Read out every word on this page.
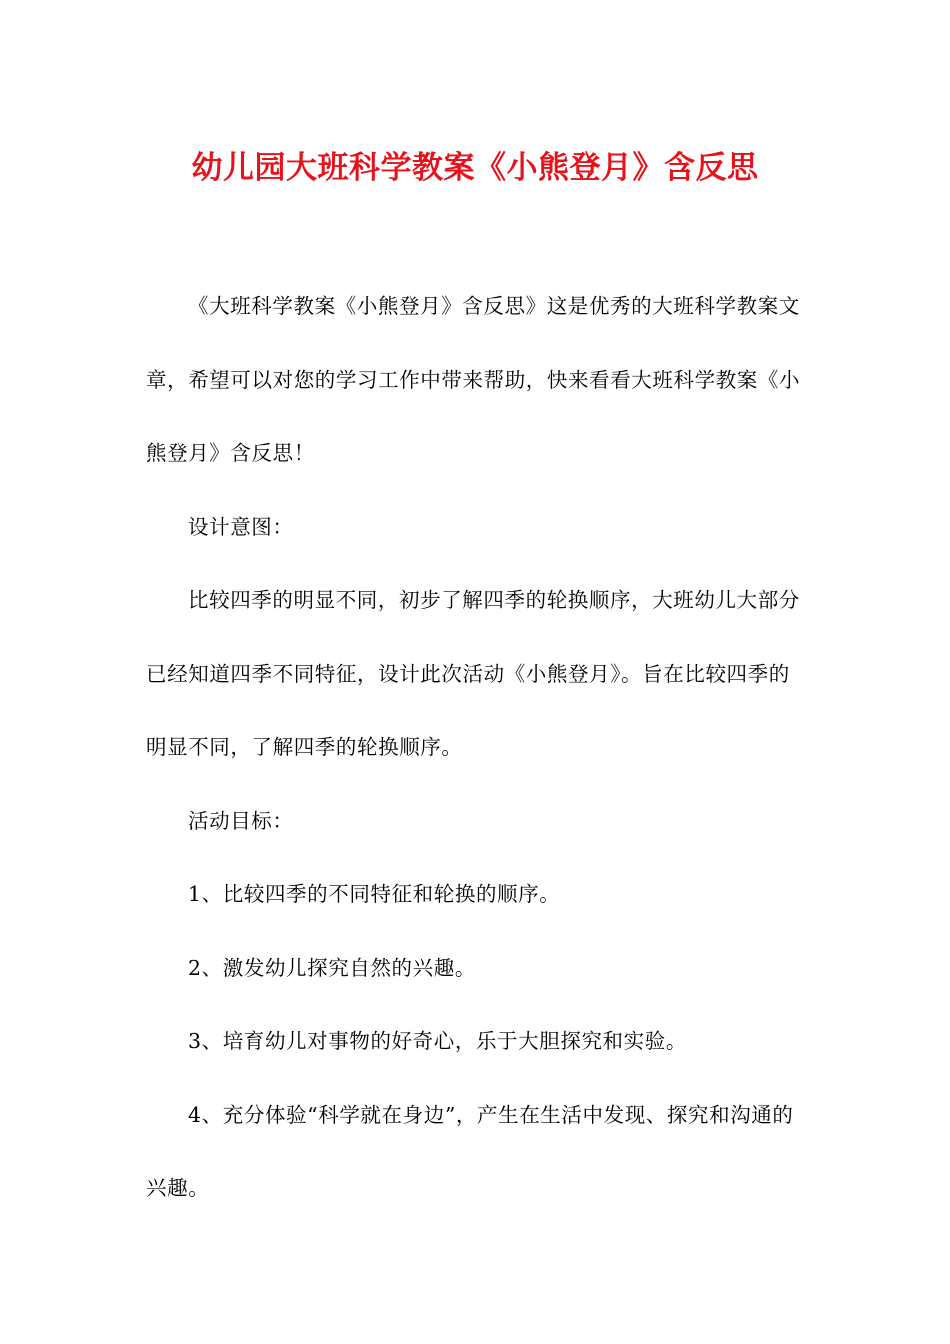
幼儿园大班科学教案《小熊登月》含反思

《大班科学教案《小熊登月》含反思》这是优秀的大班科学教案文章，希望可以对您的学习工作中带来帮助，快来看看大班科学教案《小熊登月》含反思！

设计意图：

比较四季的明显不同，初步了解四季的轮换顺序，大班幼儿大部分已经知道四季不同特征，设计此次活动《小熊登月》。旨在比较四季的明显不同，了解四季的轮换顺序。

活动目标：

1、比较四季的不同特征和轮换的顺序。

2、激发幼儿探究自然的兴趣。

3、培育幼儿对事物的好奇心，乐于大胆探究和实验。

4、充分体验“科学就在身边”，产生在生活中发现、探究和沟通的兴趣。
